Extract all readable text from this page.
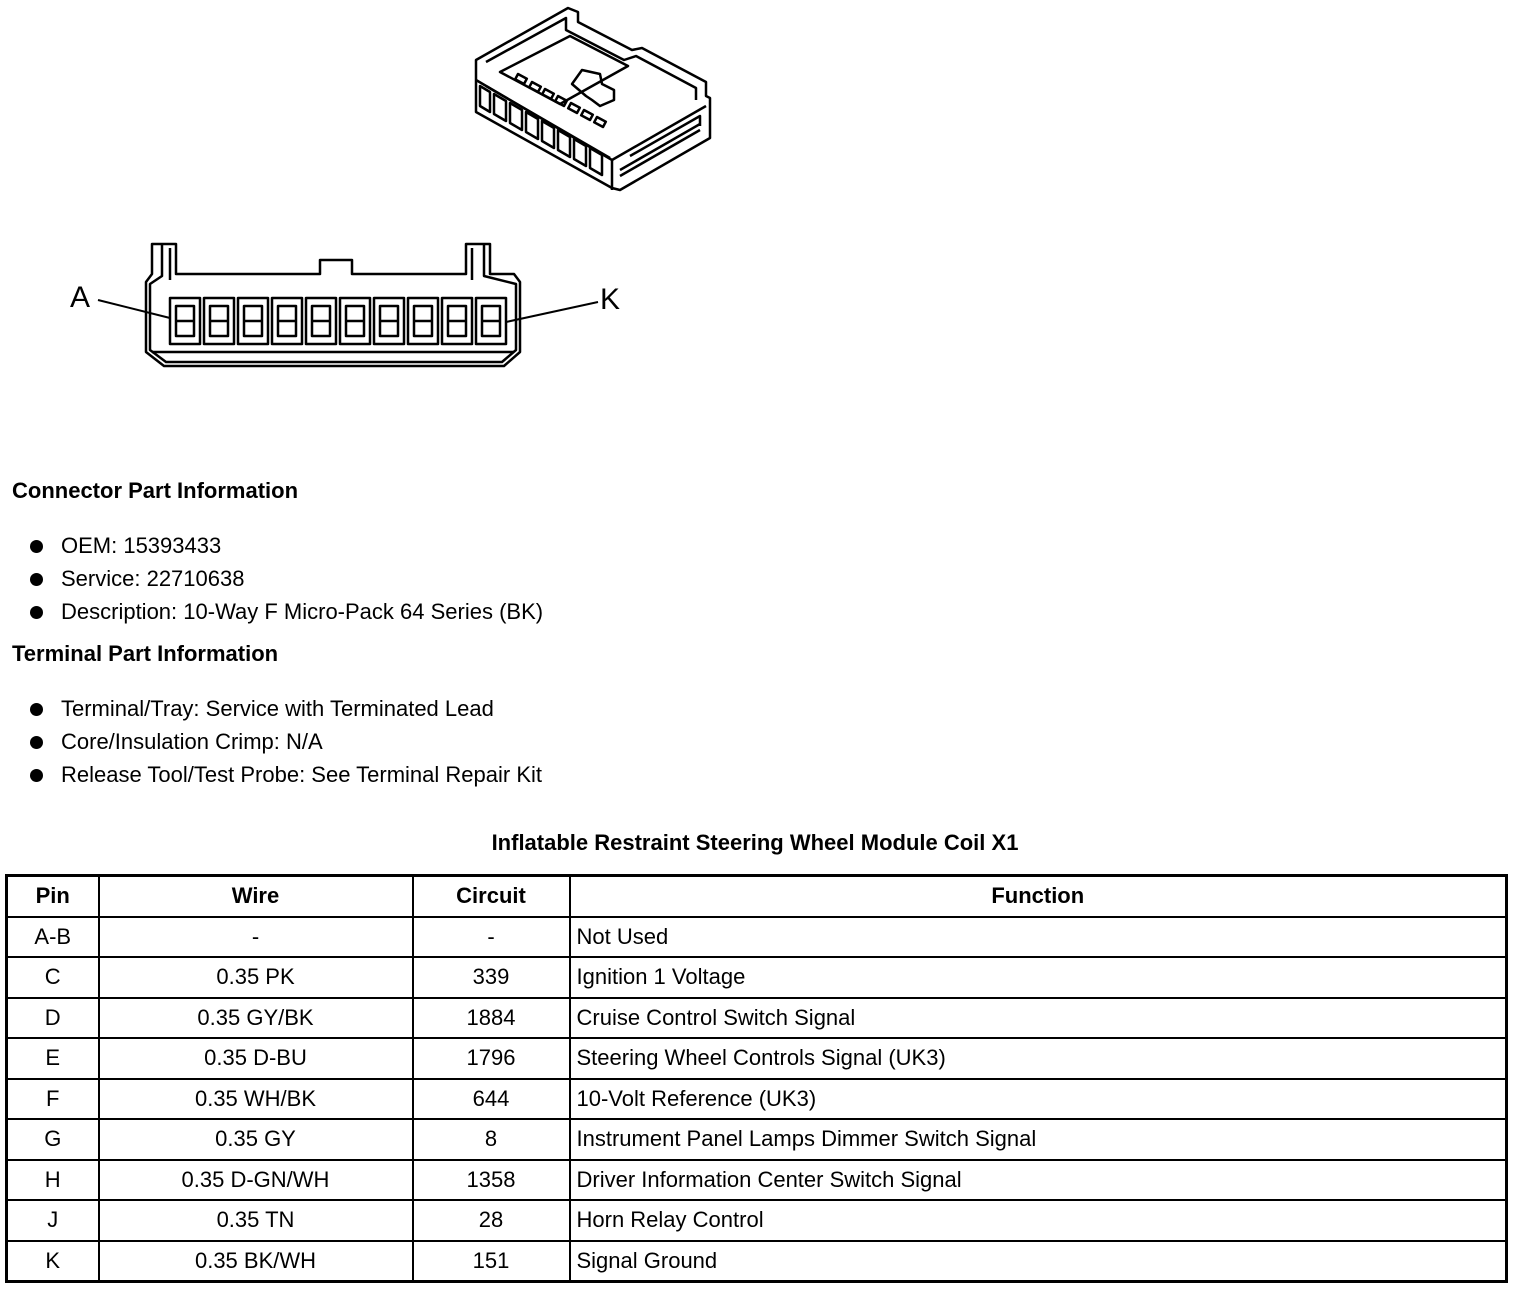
A	K
Connector Part Information
OEM: 15393433
Service: 22710638
Description: 10-Way F Micro-Pack 64 Series (BK)
Terminal Part Information
Terminal/Tray: Service with Terminated Lead
Core/Insulation Crimp: N/A
Release Tool/Test Probe: See Terminal Repair Kit
Inflatable Restraint Steering Wheel Module Coil X1
Pin	Wire	Circuit	Function
A-B	-	-	Not Used
C	0.35 PK	339	Ignition 1 Voltage
D	0.35 GY/BK	1884	Cruise Control Switch Signal
E	0.35 D-BU	1796	Steering Wheel Controls Signal (UK3)
F	0.35 WH/BK	644	10-Volt Reference (UK3)
G	0.35 GY	8	Instrument Panel Lamps Dimmer Switch Signal
H	0.35 D-GN/WH	1358	Driver Information Center Switch Signal
J	0.35 TN	28	Horn Relay Control
K	0.35 BK/WH	151	Signal Ground
